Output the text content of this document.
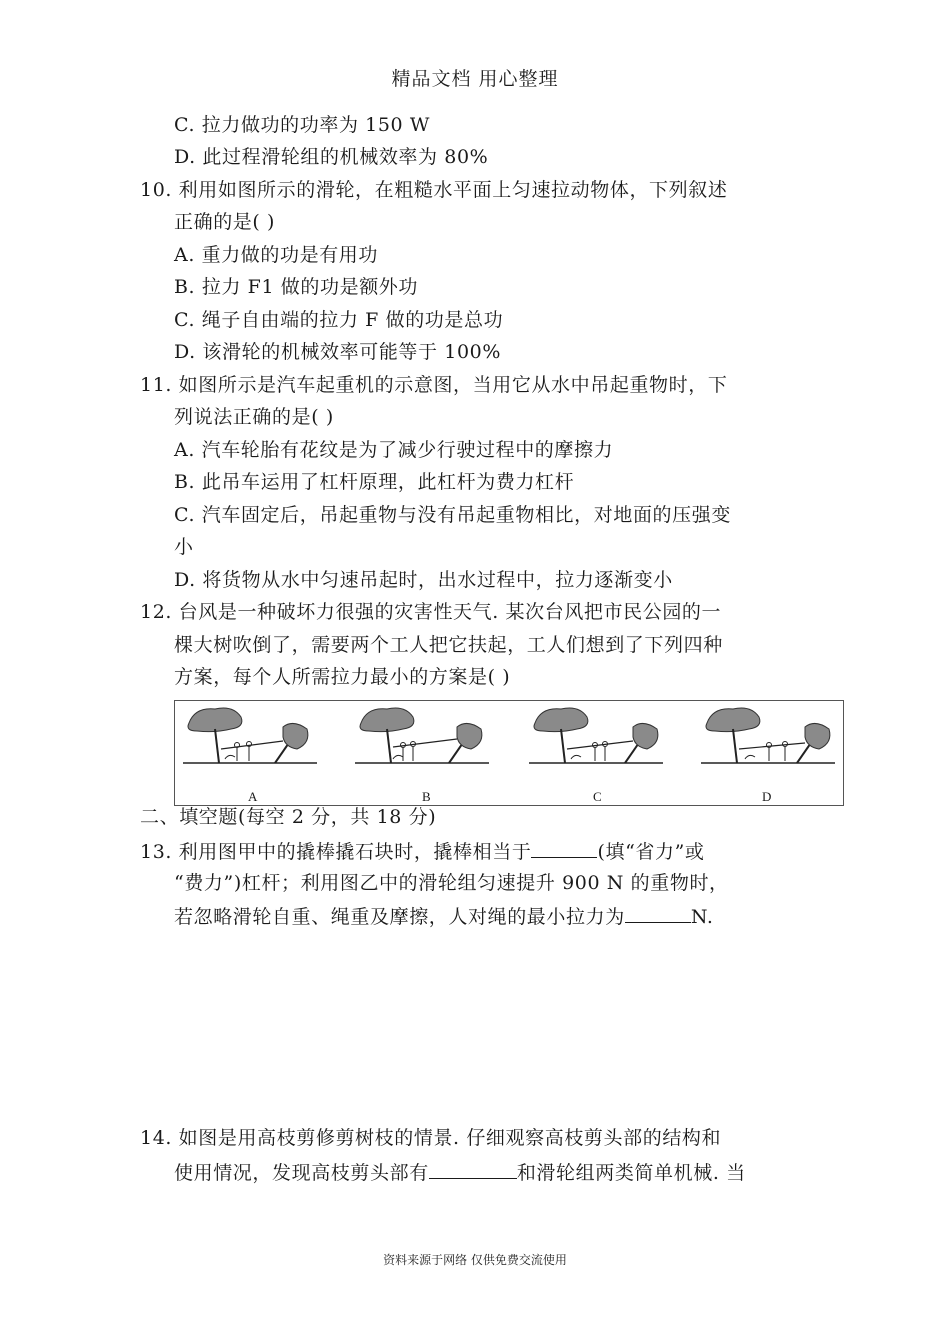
精品文档 用心整理
C. 拉力做功的功率为 150 W
D. 此过程滑轮组的机械效率为 80%
10. 利用如图所示的滑轮，在粗糙水平面上匀速拉动物体，下列叙述
正确的是( )
A. 重力做的功是有用功
B. 拉力 F1 做的功是额外功
C. 绳子自由端的拉力 F 做的功是总功
D. 该滑轮的机械效率可能等于 100%
11. 如图所示是汽车起重机的示意图，当用它从水中吊起重物时，下
列说法正确的是( )
A. 汽车轮胎有花纹是为了减少行驶过程中的摩擦力
B. 此吊车运用了杠杆原理，此杠杆为费力杠杆
C. 汽车固定后，吊起重物与没有吊起重物相比，对地面的压强变
小
D. 将货物从水中匀速吊起时，出水过程中，拉力逐渐变小
12. 台风是一种破坏力很强的灾害性天气. 某次台风把市民公园的一
棵大树吹倒了，需要两个工人把它扶起，工人们想到了下列四种
方案，每个人所需拉力最小的方案是( )
A	B	C	D
二、填空题(每空 2 分，共 18 分)
13. 利用图甲中的撬棒撬石块时，撬棒相当于	(填“省力”或
“费力”)杠杆；利用图乙中的滑轮组匀速提升 900 N 的重物时，
若忽略滑轮自重、绳重及摩擦，人对绳的最小拉力为	N.
14. 如图是用高枝剪修剪树枝的情景. 仔细观察高枝剪头部的结构和
使用情况，发现高枝剪头部有	和滑轮组两类简单机械. 当
资料来源于网络 仅供免费交流使用
